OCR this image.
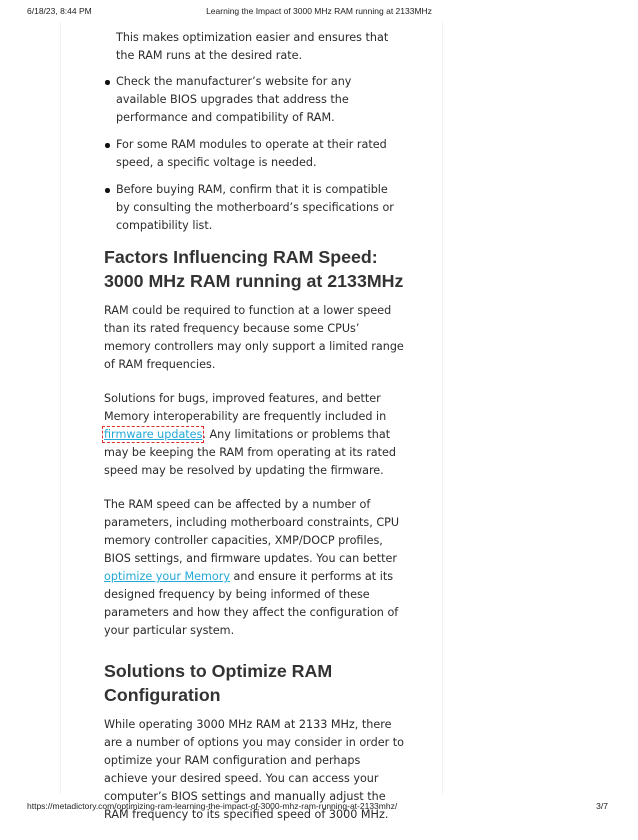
6/18/23, 8:44 PM	Learning the Impact of 3000 MHz RAM running at 2133MHz

This makes optimization easier and ensures that the RAM runs at the desired rate.

Check the manufacturer’s website for any available BIOS upgrades that address the performance and compatibility of RAM.
For some RAM modules to operate at their rated speed, a specific voltage is needed.
Before buying RAM, confirm that it is compatible by consulting the motherboard’s specifications or compatibility list.
Factors Influencing RAM Speed: 3000 MHz RAM running at 2133MHz

RAM could be required to function at a lower speed than its rated frequency because some CPUs’ memory controllers may only support a limited range of RAM frequencies.

Solutions for bugs, improved features, and better Memory interoperability are frequently included in firmware updates. Any limitations or problems that may be keeping the RAM from operating at its rated speed may be resolved by updating the firmware.

The RAM speed can be affected by a number of parameters, including motherboard constraints, CPU memory controller capacities, XMP/DOCP profiles, BIOS settings, and firmware updates. You can better optimize your Memory and ensure it performs at its designed frequency by being informed of these parameters and how they affect the configuration of your particular system.

Solutions to Optimize RAM Configuration

While operating 3000 MHz RAM at 2133 MHz, there are a number of options you may consider in order to optimize your RAM configuration and perhaps achieve your desired speed. You can access your computer’s BIOS settings and manually adjust the RAM frequency to its specified speed of 3000 MHz.

https://metadictory.com/optimizing-ram-learning-the-impact-of-3000-mhz-ram-running-at-2133mhz/	3/7
